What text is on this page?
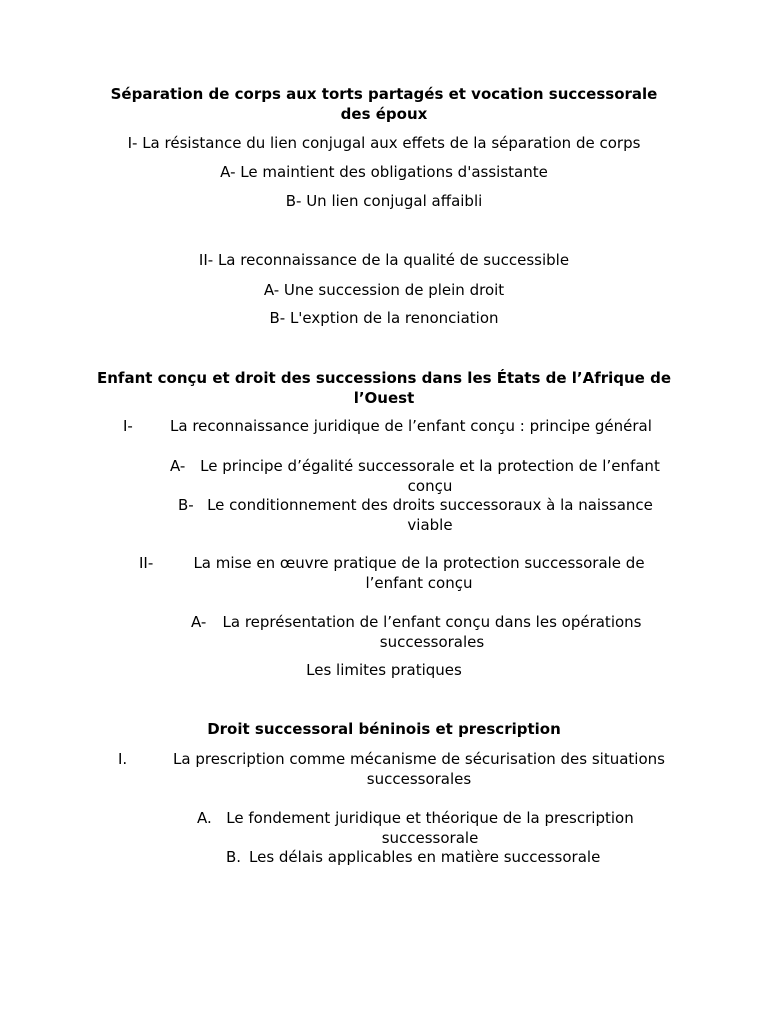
Séparation de corps aux torts partagés et vocation successorale des époux
I- La résistance du lien conjugal aux effets de la séparation de corps
A- Le maintient des obligations d'assistante
B- Un lien conjugal affaibli
II- La reconnaissance de la qualité de successible
A- Une succession de plein droit
B- L'exption de la renonciation
Enfant conçu et droit des successions dans les États de l’Afrique de l’Ouest
I- La reconnaissance juridique de l’enfant conçu : principe général
A- Le principe d’égalité successorale et la protection de l’enfant conçu
B- Le conditionnement des droits successoraux à la naissance viable
II-	La mise en œuvre pratique de la protection successorale de l’enfant conçu
A-	La représentation de l’enfant conçu dans les opérations successorales
Les limites pratiques
Droit successoral béninois et prescription
I.	La prescription comme mécanisme de sécurisation des situations successorales
A. Le fondement juridique et théorique de la prescription successorale
B. Les délais applicables en matière successorale
